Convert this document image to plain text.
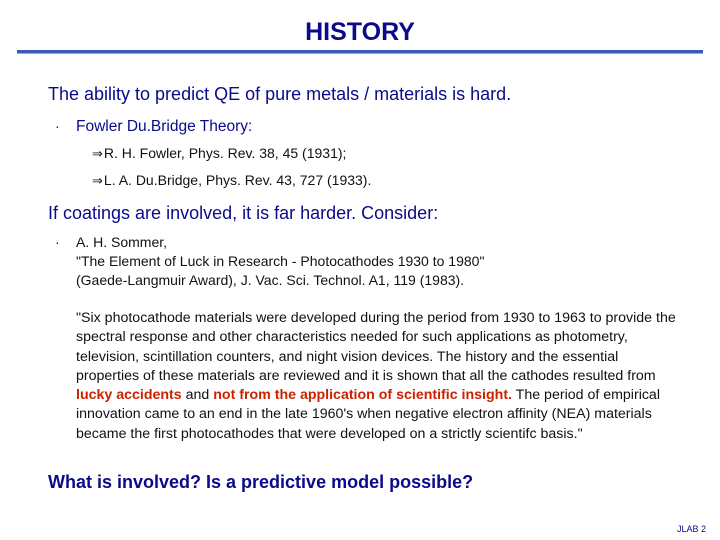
HISTORY
The ability to predict QE of pure metals / materials is hard.
· Fowler Du.Bridge Theory:
⇒R. H. Fowler, Phys. Rev. 38, 45 (1931);
⇒L. A. Du.Bridge, Phys. Rev. 43, 727 (1933).
If coatings are involved, it is far harder. Consider:
· A. H. Sommer,
"The Element of Luck in Research - Photocathodes 1930 to 1980"
(Gaede-Langmuir Award), J. Vac. Sci. Technol. A1, 119 (1983).
"Six photocathode materials were developed during the period from 1930 to 1963 to provide the spectral response and other characteristics needed for such applications as photometry, television, scintillation counters, and night vision devices. The history and the essential properties of these materials are reviewed and it is shown that all the cathodes resulted from lucky accidents and not from the application of scientific insight. The period of empirical innovation came to an end in the late 1960's when negative electron affinity (NEA) materials became the first photocathodes that were developed on a strictly scientifc basis."
What is involved? Is a predictive model possible?
JLAB 2
